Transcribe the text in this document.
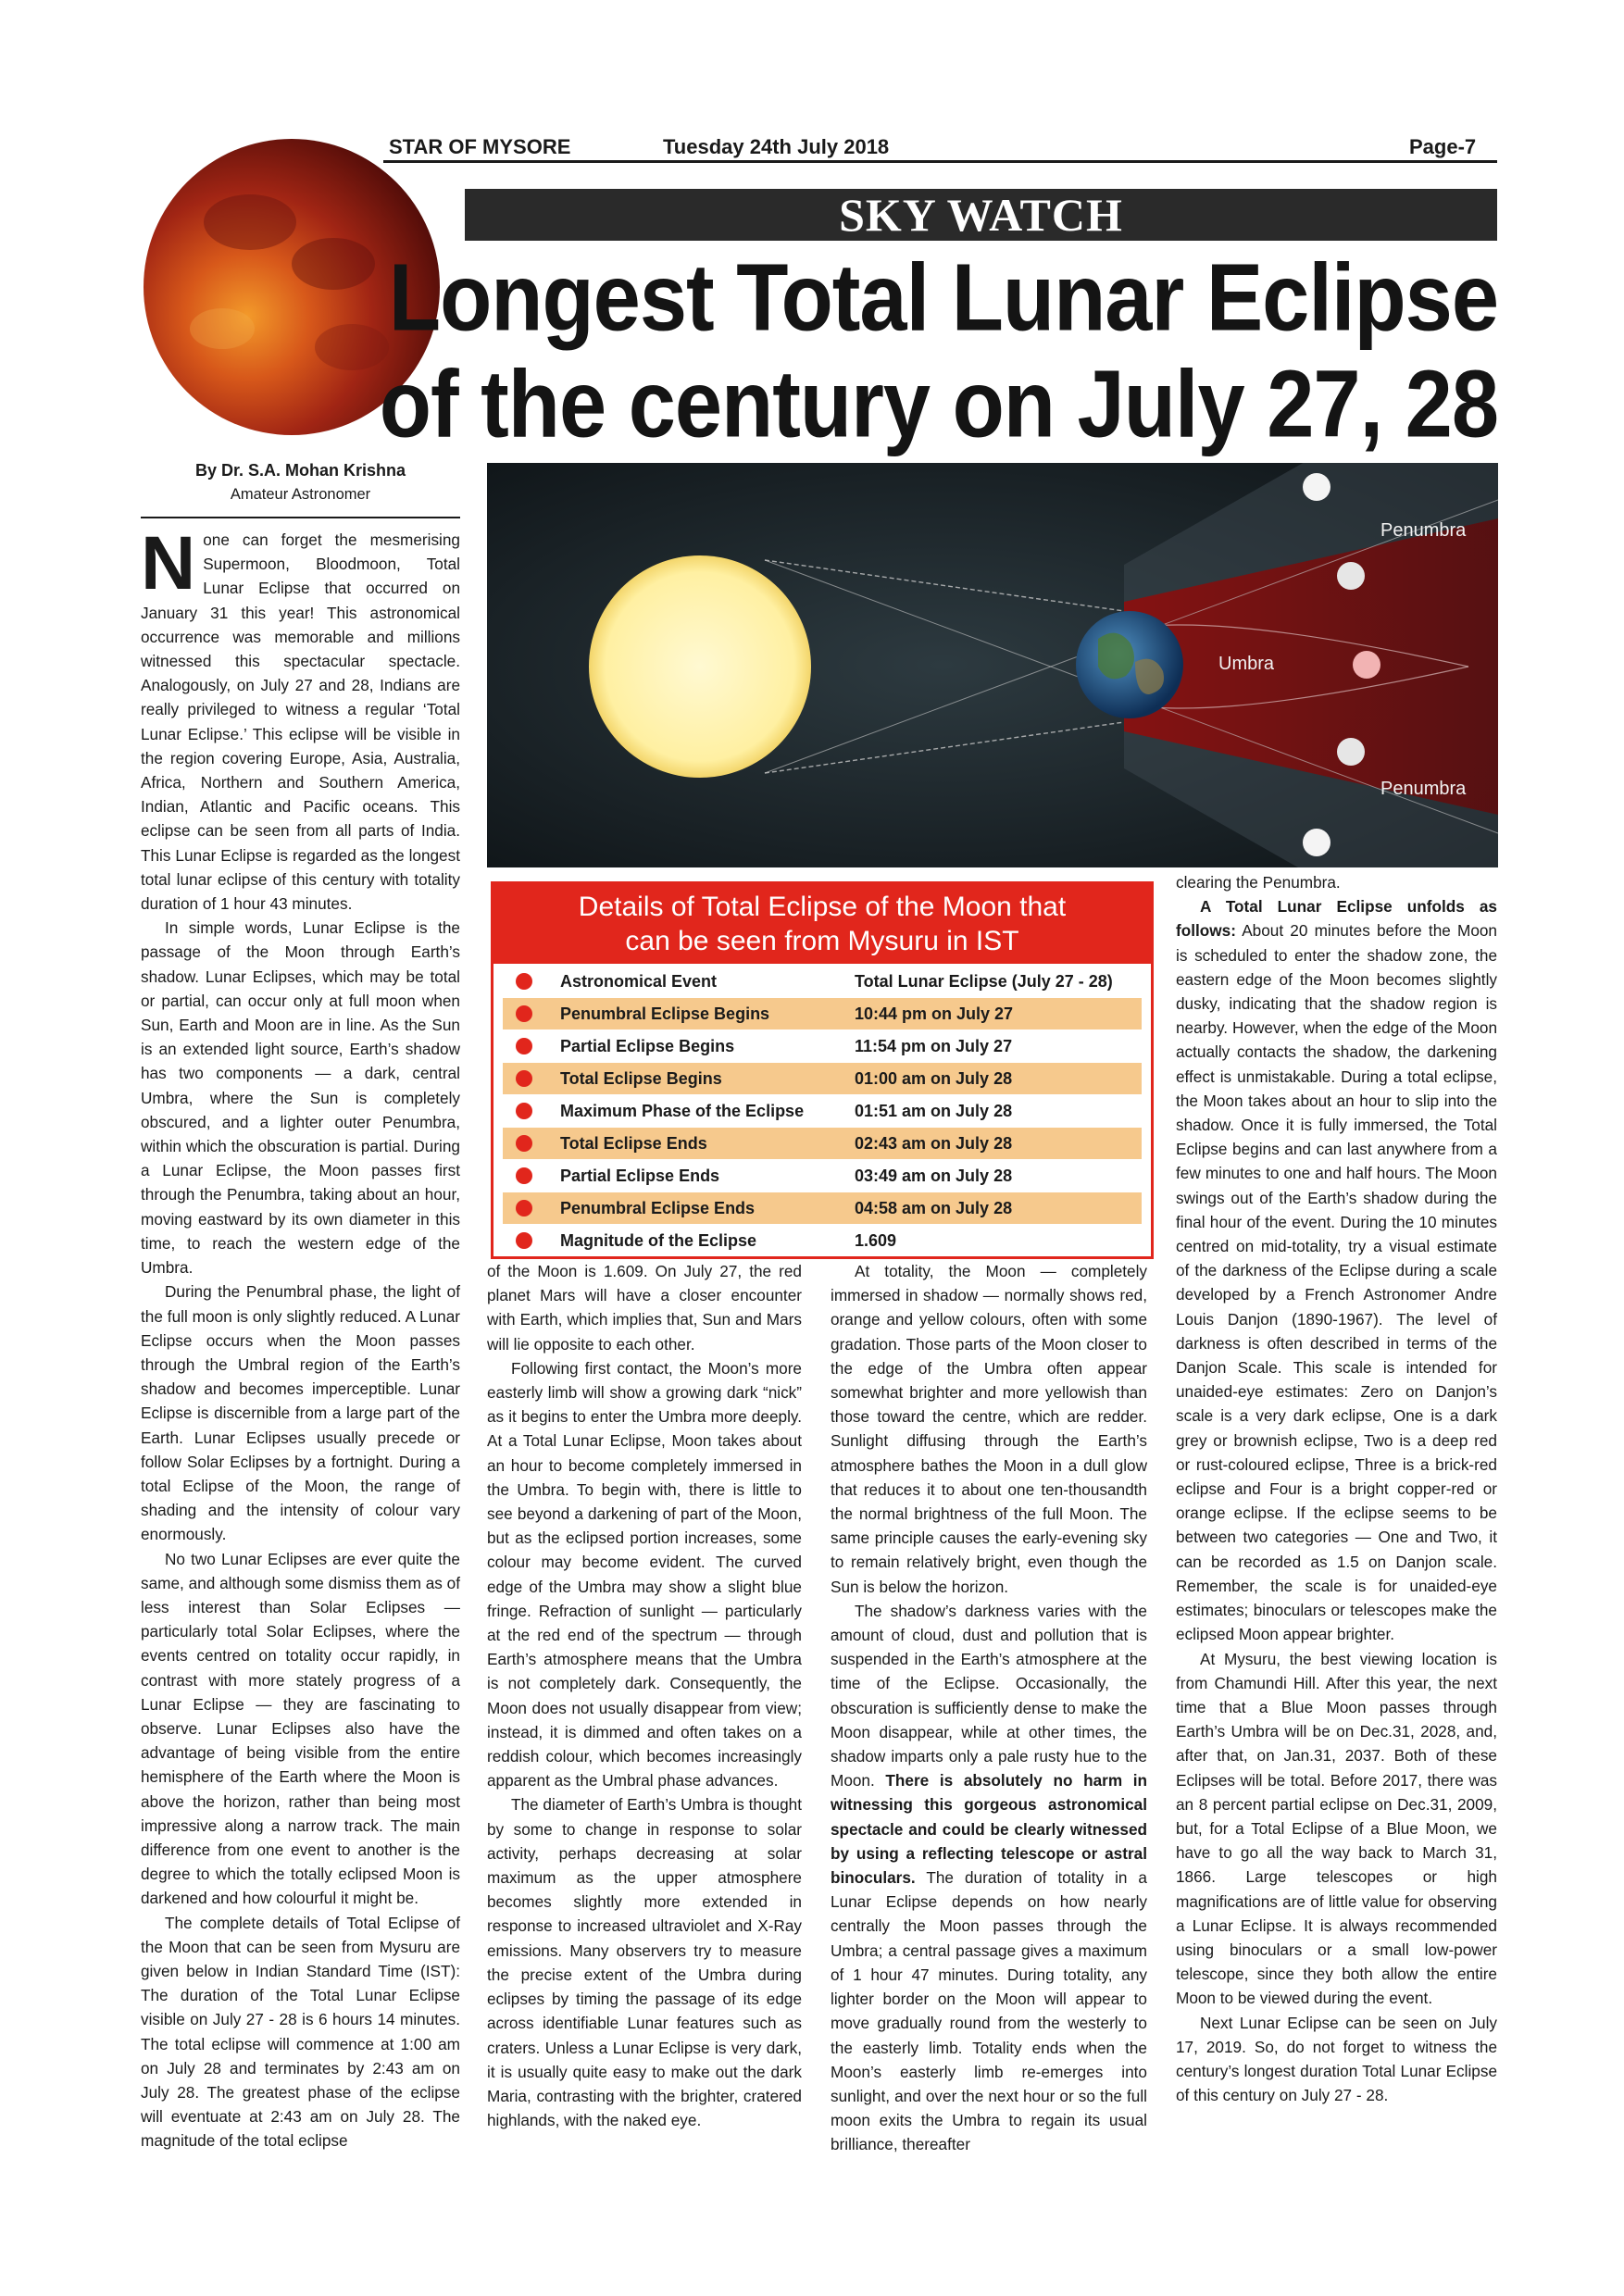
STAR OF MYSORE	Tuesday 24th July 2018	Page-7
SKY WATCH
Longest Total Lunar Eclipse
of the century on July 27, 28
By Dr. S.A. Mohan Krishna
Amateur Astronomer
Penumbra
Umbra
Penumbra
Details of Total Eclipse of the Moon that
can be seen from Mysuru in IST
Astronomical Event	Total Lunar Eclipse (July 27 - 28)
Penumbral Eclipse Begins	10:44 pm on July 27
Partial Eclipse Begins	11:54 pm on July 27
Total Eclipse Begins	01:00 am on July 28
Maximum Phase of the Eclipse	01:51 am on July 28
Total Eclipse Ends	02:43 am on July 28
Partial Eclipse Ends	03:49 am on July 28
Penumbral Eclipse Ends	04:58 am on July 28
Magnitude of the Eclipse	1.609

None can forget the mesmerising Supermoon, Bloodmoon, Total Lunar Eclipse that occurred on January 31 this year! This astronomical occurrence was memorable and millions witnessed this spectacular spectacle. Analogously, on July 27 and 28, Indians are really privileged to witness a regular ‘Total Lunar Eclipse.’ This eclipse will be visible in the region covering Europe, Asia, Australia, Africa, Northern and Southern America, Indian, Atlantic and Pacific oceans. This eclipse can be seen from all parts of India. This Lunar Eclipse is regarded as the longest total lunar eclipse of this century with totality duration of 1 hour 43 minutes.

In simple words, Lunar Eclipse is the passage of the Moon through Earth’s shadow. Lunar Eclipses, which may be total or partial, can occur only at full moon when Sun, Earth and Moon are in line. As the Sun is an extended light source, Earth’s shadow has two components — a dark, central Umbra, where the Sun is completely obscured, and a lighter outer Penumbra, within which the obscuration is partial. During a Lunar Eclipse, the Moon passes first through the Penumbra, taking about an hour, moving eastward by its own diameter in this time, to reach the western edge of the Umbra.

During the Penumbral phase, the light of the full moon is only slightly reduced. A Lunar Eclipse occurs when the Moon passes through the Umbral region of the Earth’s shadow and becomes imperceptible. Lunar Eclipse is discernible from a large part of the Earth. Lunar Eclipses usually precede or follow Solar Eclipses by a fortnight. During a total Eclipse of the Moon, the range of shading and the intensity of colour vary enormously.

No two Lunar Eclipses are ever quite the same, and although some dismiss them as of less interest than Solar Eclipses — particularly total Solar Eclipses, where the events centred on totality occur rapidly, in contrast with more stately progress of a Lunar Eclipse — they are fascinating to observe. Lunar Eclipses also have the advantage of being visible from the entire hemisphere of the Earth where the Moon is above the horizon, rather than being most impressive along a narrow track. The main difference from one event to another is the degree to which the totally eclipsed Moon is darkened and how colourful it might be.

The complete details of Total Eclipse of the Moon that can be seen from Mysuru are given below in Indian Standard Time (IST): The duration of the Total Lunar Eclipse visible on July 27 - 28 is 6 hours 14 minutes. The total eclipse will commence at 1:00 am on July 28 and terminates by 2:43 am on July 28. The greatest phase of the eclipse will eventuate at 2:43 am on July 28. The magnitude of the total eclipse

of the Moon is 1.609. On July 27, the red planet Mars will have a closer encounter with Earth, which implies that, Sun and Mars will lie opposite to each other.

Following first contact, the Moon’s more easterly limb will show a growing dark “nick” as it begins to enter the Umbra more deeply. At a Total Lunar Eclipse, Moon takes about an hour to become completely immersed in the Umbra. To begin with, there is little to see beyond a darkening of part of the Moon, but as the eclipsed portion increases, some colour may become evident. The curved edge of the Umbra may show a slight blue fringe. Refraction of sunlight — particularly at the red end of the spectrum — through Earth’s atmosphere means that the Umbra is not completely dark. Consequently, the Moon does not usually disappear from view; instead, it is dimmed and often takes on a reddish colour, which becomes increasingly apparent as the Umbral phase advances.

The diameter of Earth’s Umbra is thought by some to change in response to solar activity, perhaps decreasing at solar maximum as the upper atmosphere becomes slightly more extended in response to increased ultraviolet and X-Ray emissions. Many observers try to measure the precise extent of the Umbra during eclipses by timing the passage of its edge across identifiable Lunar features such as craters. Unless a Lunar Eclipse is very dark, it is usually quite easy to make out the dark Maria, contrasting with the brighter, cratered highlands, with the naked eye.

At totality, the Moon — completely immersed in shadow — normally shows red, orange and yellow colours, often with some gradation. Those parts of the Moon closer to the edge of the Umbra often appear somewhat brighter and more yellowish than those toward the centre, which are redder. Sunlight diffusing through the Earth’s atmosphere bathes the Moon in a dull glow that reduces it to about one ten-thousandth the normal brightness of the full Moon. The same principle causes the early-evening sky to remain relatively bright, even though the Sun is below the horizon.

The shadow’s darkness varies with the amount of cloud, dust and pollution that is suspended in the Earth’s atmosphere at the time of the Eclipse. Occasionally, the obscuration is sufficiently dense to make the Moon disappear, while at other times, the shadow imparts only a pale rusty hue to the Moon. There is absolutely no harm in witnessing this gorgeous astronomical spectacle and could be clearly witnessed by using a reflecting telescope or astral binoculars. The duration of totality in a Lunar Eclipse depends on how nearly centrally the Moon passes through the Umbra; a central passage gives a maximum of 1 hour 47 minutes. During totality, any lighter border on the Moon will appear to move gradually round from the westerly to the easterly limb. Totality ends when the Moon’s easterly limb re-emerges into sunlight, and over the next hour or so the full moon exits the Umbra to regain its usual brilliance, thereafter

clearing the Penumbra.

A Total Lunar Eclipse unfolds as follows: About 20 minutes before the Moon is scheduled to enter the shadow zone, the eastern edge of the Moon becomes slightly dusky, indicating that the shadow region is nearby. However, when the edge of the Moon actually contacts the shadow, the darkening effect is unmistakable. During a total eclipse, the Moon takes about an hour to slip into the shadow. Once it is fully immersed, the Total Eclipse begins and can last anywhere from a few minutes to one and half hours. The Moon swings out of the Earth’s shadow during the final hour of the event. During the 10 minutes centred on mid-totality, try a visual estimate of the darkness of the Eclipse during a scale developed by a French Astronomer Andre Louis Danjon (1890-1967). The level of darkness is often described in terms of the Danjon Scale. This scale is intended for unaided-eye estimates: Zero on Danjon’s scale is a very dark eclipse, One is a dark grey or brownish eclipse, Two is a deep red or rust-coloured eclipse, Three is a brick-red eclipse and Four is a bright copper-red or orange eclipse. If the eclipse seems to be between two categories — One and Two, it can be recorded as 1.5 on Danjon scale. Remember, the scale is for unaided-eye estimates; binoculars or telescopes make the eclipsed Moon appear brighter.

At Mysuru, the best viewing location is from Chamundi Hill. After this year, the next time that a Blue Moon passes through Earth’s Umbra will be on Dec.31, 2028, and, after that, on Jan.31, 2037. Both of these Eclipses will be total. Before 2017, there was an 8 percent partial eclipse on Dec.31, 2009, but, for a Total Eclipse of a Blue Moon, we have to go all the way back to March 31, 1866. Large telescopes or high magnifications are of little value for observing a Lunar Eclipse. It is always recommended using binoculars or a small low-power telescope, since they both allow the entire Moon to be viewed during the event.

Next Lunar Eclipse can be seen on July 17, 2019. So, do not forget to witness the century’s longest duration Total Lunar Eclipse of this century on July 27 - 28.
